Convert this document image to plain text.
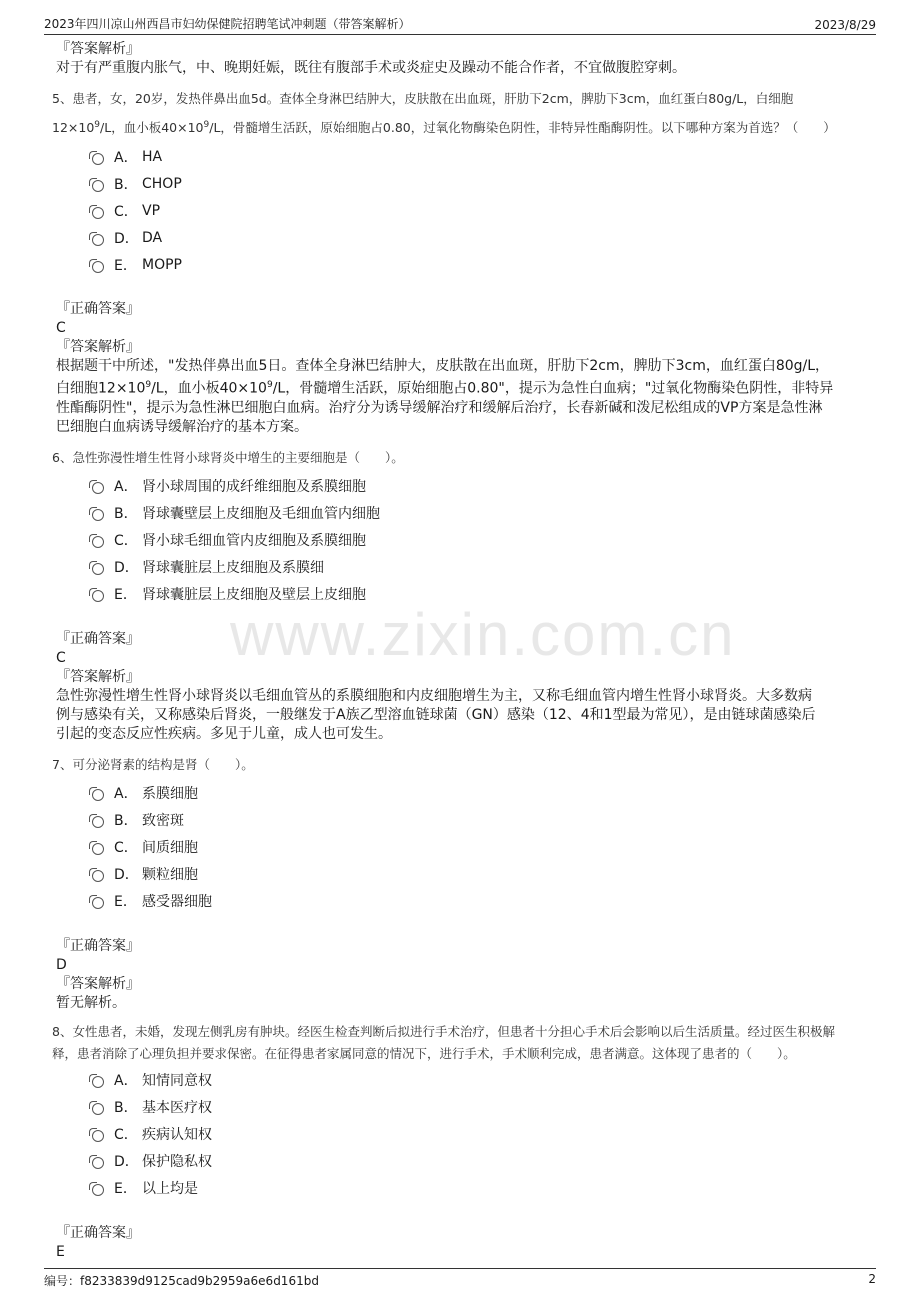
2023年四川凉山州西昌市妇幼保健院招聘笔试冲刺题（带答案解析）	2023/8/29
www.zixin.com.cn
『答案解析』
对于有严重腹内胀气，中、晚期妊娠，既往有腹部手术或炎症史及躁动不能合作者，不宜做腹腔穿刺。
5、患者，女，20岁，发热伴鼻出血5d。查体全身淋巴结肿大，皮肤散在出血斑，肝肋下2cm，脾肋下3cm，血红蛋白80g/L，白细胞
$12\times 10^9/L$，血小板$40\times 10^9/L$，骨髓增生活跃，原始细胞占0.80，过氧化物酶染色阴性，非特异性酯酶阴性。以下哪种方案为首选？（　　）
A． HA
B． CHOP
C． VP
D． DA
E． MOPP
『正确答案』
C
『答案解析』
根据题干中所述，"发热伴鼻出血5日。查体全身淋巴结肿大，皮肤散在出血斑，肝肋下2cm，脾肋下3cm，血红蛋白80g/L，
白细胞$12\times 10^9/L$，血小板$40\times 10^9/L$，骨髓增生活跃，原始细胞占0.80"，提示为急性白血病；"过氧化物酶染色阴性，非特异
性酯酶阴性"，提示为急性淋巴细胞白血病。治疗分为诱导缓解治疗和缓解后治疗，长春新碱和泼尼松组成的VP方案是急性淋
巴细胞白血病诱导缓解治疗的基本方案。
6、急性弥漫性增生性肾小球肾炎中增生的主要细胞是（　　）。
A． 肾小球周围的成纤维细胞及系膜细胞
B． 肾球囊壁层上皮细胞及毛细血管内细胞
C． 肾小球毛细血管内皮细胞及系膜细胞
D． 肾球囊脏层上皮细胞及系膜细
E． 肾球囊脏层上皮细胞及壁层上皮细胞
『正确答案』
C
『答案解析』
急性弥漫性增生性肾小球肾炎以毛细血管丛的系膜细胞和内皮细胞增生为主，又称毛细血管内增生性肾小球肾炎。大多数病
例与感染有关，又称感染后肾炎，一般继发于A族乙型溶血链球菌（GN）感染（12、4和1型最为常见），是由链球菌感染后
引起的变态反应性疾病。多见于儿童，成人也可发生。
7、可分泌肾素的结构是肾（　　）。
A． 系膜细胞
B． 致密斑
C． 间质细胞
D． 颗粒细胞
E． 感受器细胞
『正确答案』
D
『答案解析』
暂无解析。
8、女性患者，未婚，发现左侧乳房有肿块。经医生检查判断后拟进行手术治疗，但患者十分担心手术后会影响以后生活质量。经过医生积极解
释，患者消除了心理负担并要求保密。在征得患者家属同意的情况下，进行手术，手术顺利完成，患者满意。这体现了患者的（　　）。
A． 知情同意权
B． 基本医疗权
C． 疾病认知权
D． 保护隐私权
E． 以上均是
『正确答案』
E
编号：f8233839d9125cad9b2959a6e6d161bd	2
